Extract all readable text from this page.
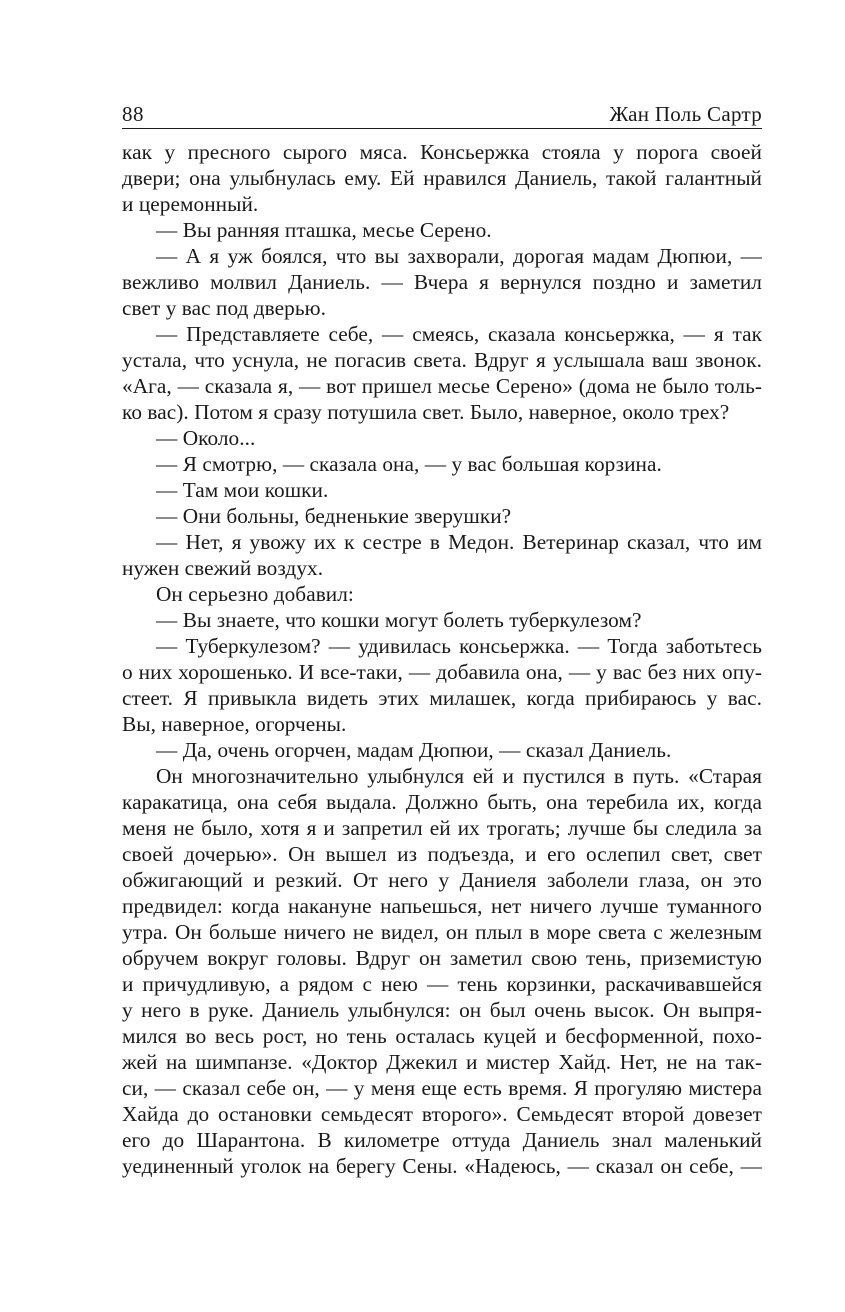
88	Жан Поль Сартр
как у пресного сырого мяса. Консьержка стояла у порога своей
двери; она улыбнулась ему. Ей нравился Даниель, такой галантный
и церемонный.
— Вы ранняя пташка, месье Серено.
— А я уж боялся, что вы захворали, дорогая мадам Дюпюи, —
вежливо молвил Даниель. — Вчера я вернулся поздно и заметил
свет у вас под дверью.
— Представляете себе, — смеясь, сказала консьержка, — я так
устала, что уснула, не погасив света. Вдруг я услышала ваш звонок.
«Ага, — сказала я, — вот пришел месье Серено» (дома не было толь-
ко вас). Потом я сразу потушила свет. Было, наверное, около трех?
— Около...
— Я смотрю, — сказала она, — у вас большая корзина.
— Там мои кошки.
— Они больны, бедненькие зверушки?
— Нет, я увожу их к сестре в Медон. Ветеринар сказал, что им
нужен свежий воздух.
Он серьезно добавил:
— Вы знаете, что кошки могут болеть туберкулезом?
— Туберкулезом? — удивилась консьержка. — Тогда заботьтесь
о них хорошенько. И все-таки, — добавила она, — у вас без них опу-
стеет. Я привыкла видеть этих милашек, когда прибираюсь у вас.
Вы, наверное, огорчены.
— Да, очень огорчен, мадам Дюпюи, — сказал Даниель.
Он многозначительно улыбнулся ей и пустился в путь. «Старая
каракатица, она себя выдала. Должно быть, она теребила их, когда
меня не было, хотя я и запретил ей их трогать; лучше бы следила за
своей дочерью». Он вышел из подъезда, и его ослепил свет, свет
обжигающий и резкий. От него у Даниеля заболели глаза, он это
предвидел: когда накануне напьешься, нет ничего лучше туманного
утра. Он больше ничего не видел, он плыл в море света с железным
обручем вокруг головы. Вдруг он заметил свою тень, приземистую
и причудливую, а рядом с нею — тень корзинки, раскачивавшейся
у него в руке. Даниель улыбнулся: он был очень высок. Он выпря-
мился во весь рост, но тень осталась куцей и бесформенной, похо-
жей на шимпанзе. «Доктор Джекил и мистер Хайд. Нет, не на так-
си, — сказал себе он, — у меня еще есть время. Я прогуляю мистера
Хайда до остановки семьдесят второго». Семьдесят второй довезет
его до Шарантона. В километре оттуда Даниель знал маленький
уединенный уголок на берегу Сены. «Надеюсь, — сказал он себе, —
